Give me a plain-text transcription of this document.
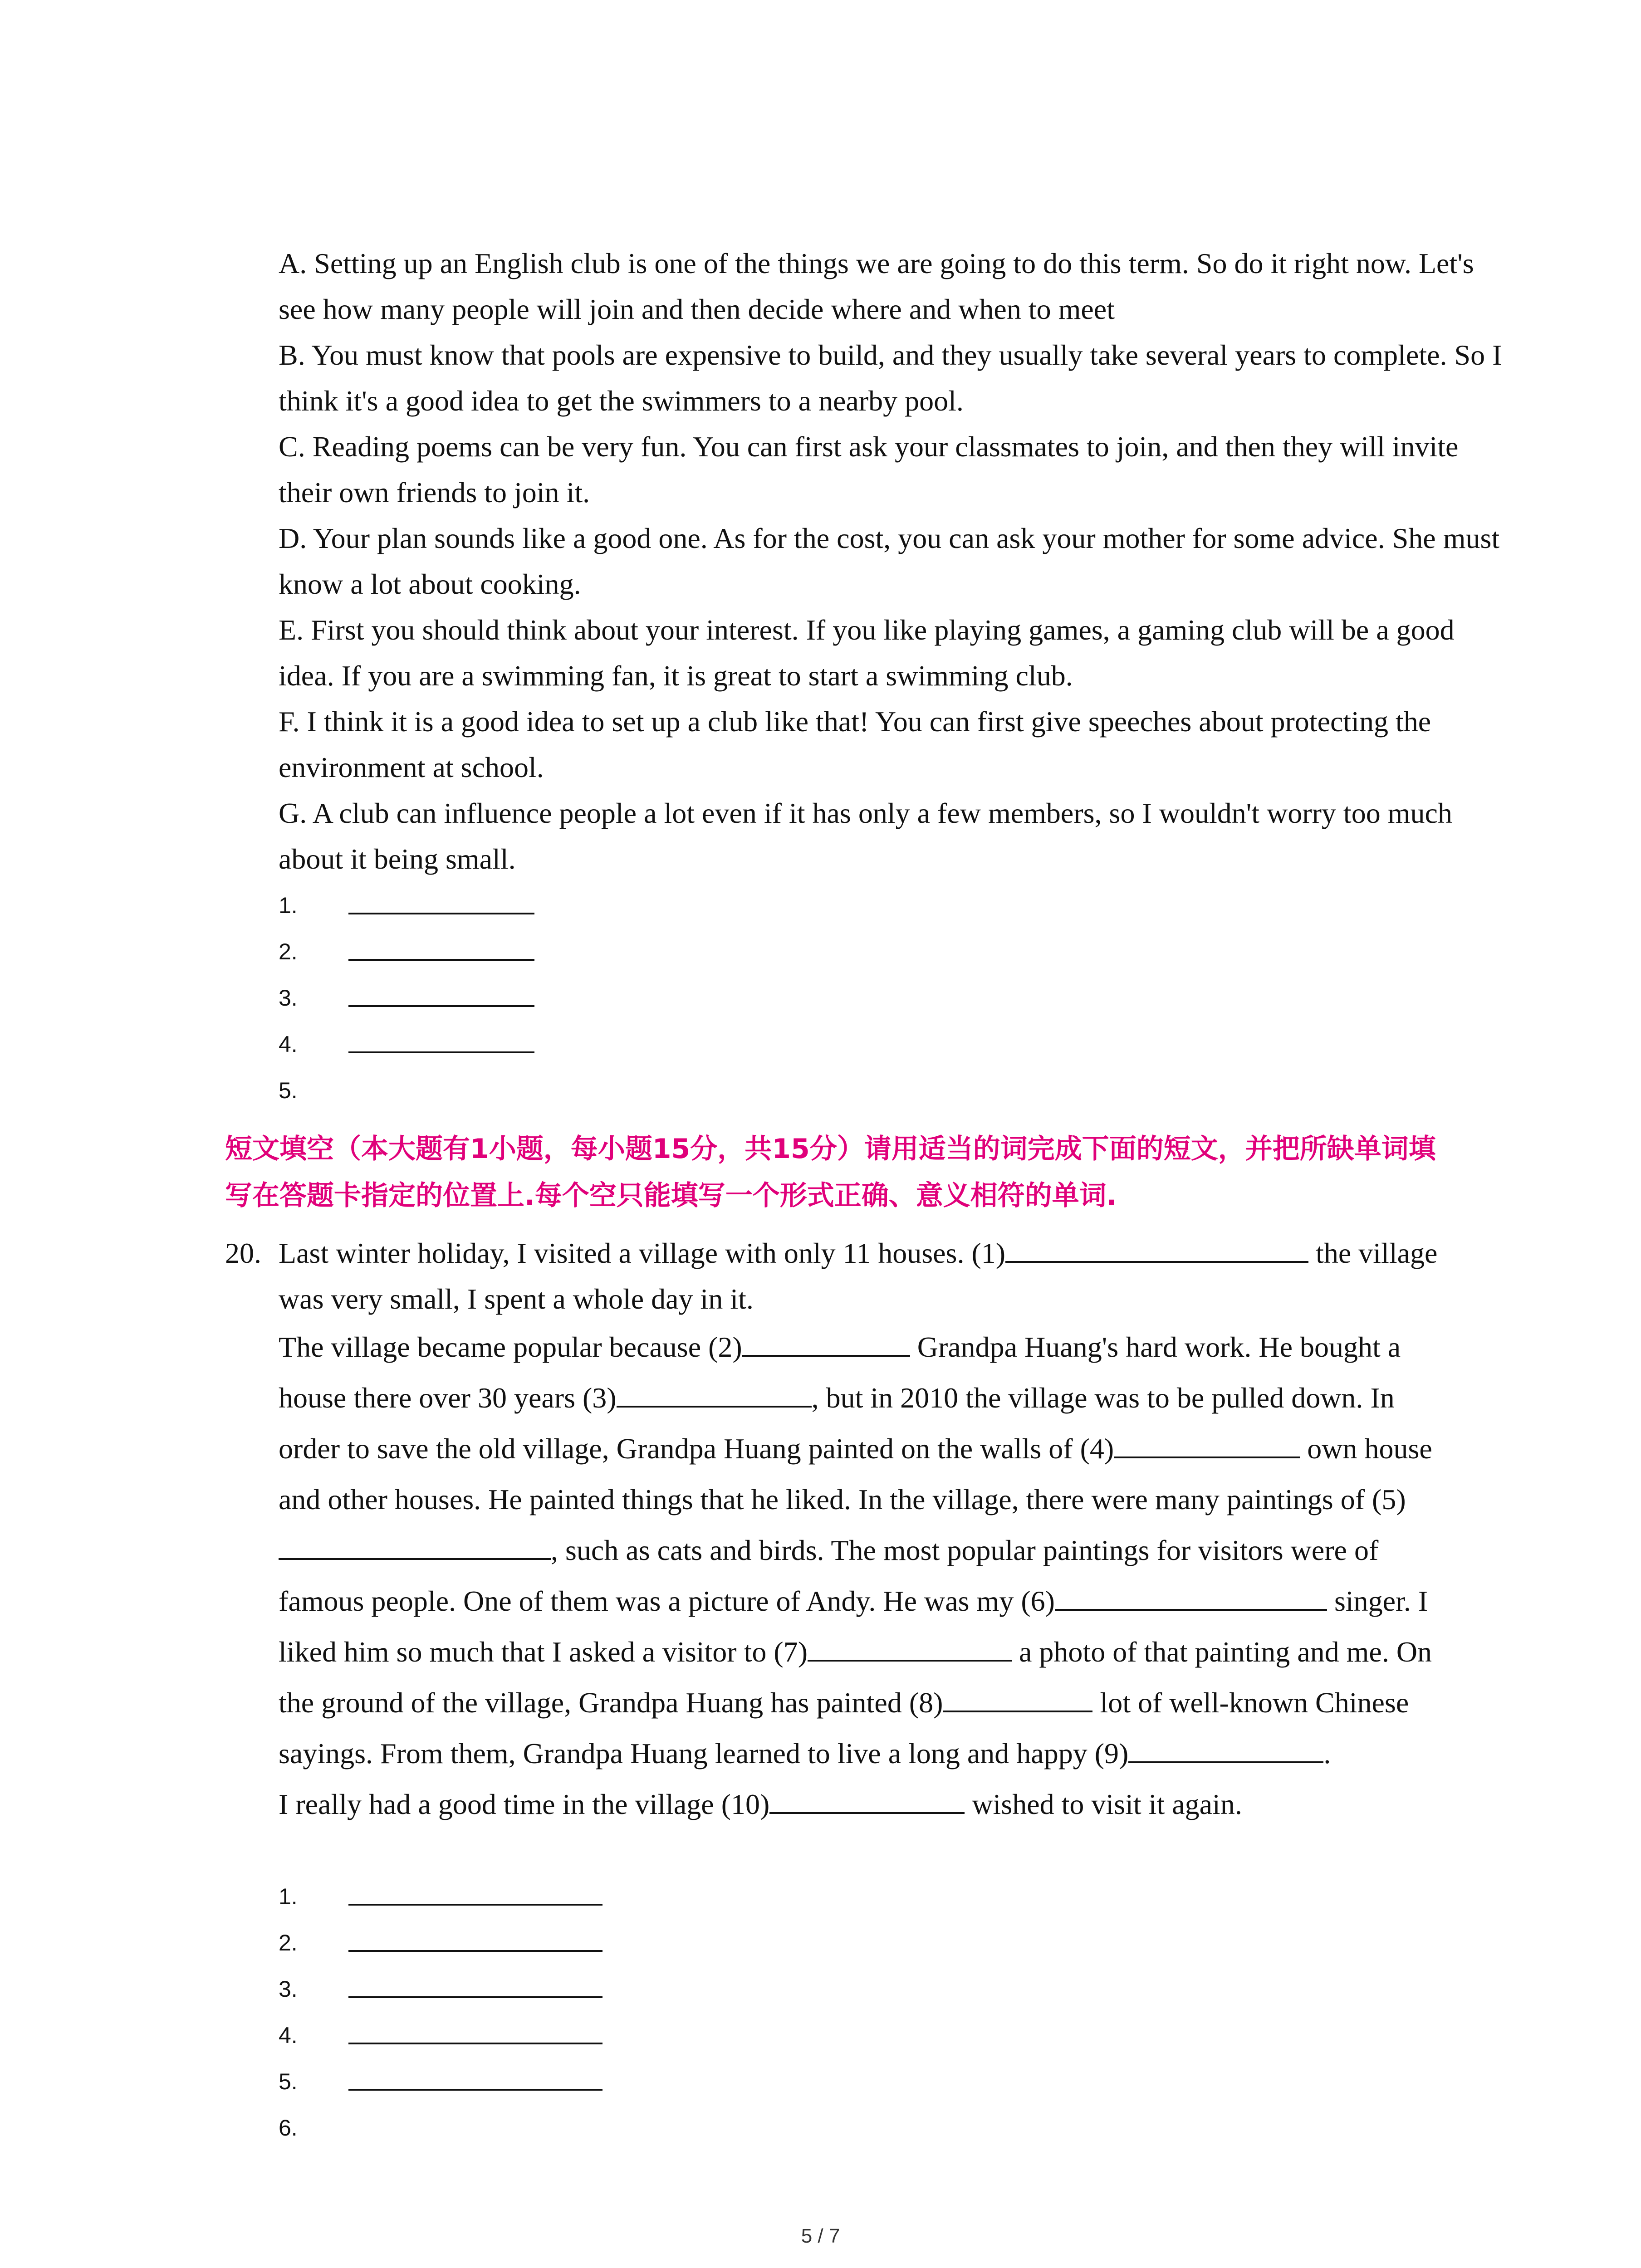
A. Setting up an English club is one of the things we are going to do this term. So do it right now. Let's see how many people will join and then decide where and when to meet

B. You must know that pools are expensive to build, and they usually take several years to complete. So I think it's a good idea to get the swimmers to a nearby pool.

C. Reading poems can be very fun. You can first ask your classmates to join, and then they will invite their own friends to join it.

D. Your plan sounds like a good one. As for the cost, you can ask your mother for some advice. She must know a lot about cooking.

E. First you should think about your interest. If you like playing games, a gaming club will be a good idea. If you are a swimming fan, it is great to start a swimming club.

F. I think it is a good idea to set up a club like that! You can first give speeches about protecting the environment at school.

G. A club can influence people a lot even if it has only a few members, so I wouldn't worry too much about it being small.

1.
2.
3.
4.
5.

短文填空（本大题有1小题，每小题15分，共15分）请用适当的词完成下面的短文，并把所缺单词填写在答题卡指定的位置上.每个空只能填写一个形式正确、意义相符的单词.

20. Last winter holiday, I visited a village with only 11 houses. (1)	the village was very small, I spent a whole day in it.

The village became popular because (2)	Grandpa Huang's hard work. He bought a house there over 30 years (3)	, but in 2010 the village was to be pulled down. In order to save the old village, Grandpa Huang painted on the walls of (4)	own house and other houses. He painted things that he liked. In the village, there were many paintings of (5), such as cats and birds. The most popular paintings for visitors were of famous people. One of them was a picture of Andy. He was my (6)	singer. I liked him so much that I asked a visitor to (7)	a photo of that painting and me. On the ground of the village, Grandpa Huang has painted (8)	lot of well-known Chinese sayings. From them, Grandpa Huang learned to live a long and happy (9)	.

I really had a good time in the village (10)	wished to visit it again.

1.
2.
3.
4.
5.
6.
5 / 7
